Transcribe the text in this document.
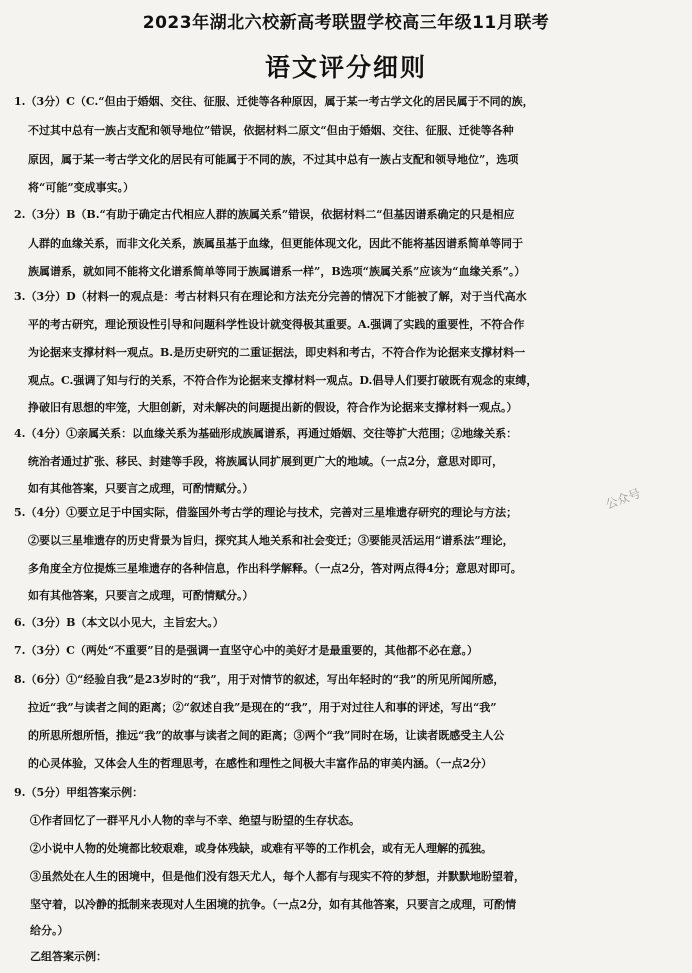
2023年湖北六校新高考联盟学校高三年级11月联考
语文评分细则
1.（3分）C（C.“但由于婚姻、交往、征服、迁徙等各种原因，属于某一考古学文化的居民属于不同的族，
不过其中总有一族占支配和领导地位”错误，依据材料二原文“但由于婚姻、交往、征服、迁徙等各种
原因，属于某一考古学文化的居民有可能属于不同的族，不过其中总有一族占支配和领导地位”，选项
将“可能”变成事实。）
2.（3分）B（B.“有助于确定古代相应人群的族属关系”错误，依据材料二“但基因谱系确定的只是相应
人群的血缘关系，而非文化关系，族属虽基于血缘，但更能体现文化，因此不能将基因谱系简单等同于
族属谱系，就如同不能将文化谱系简单等同于族属谱系一样”，B选项“族属关系”应该为“血缘关系”。）
3.（3分）D（材料一的观点是：考古材料只有在理论和方法充分完善的情况下才能被了解，对于当代高水
平的考古研究，理论预设性引导和问题科学性设计就变得极其重要。A.强调了实践的重要性，不符合作
为论据来支撑材料一观点。B.是历史研究的二重证据法，即史料和考古，不符合作为论据来支撑材料一
观点。C.强调了知与行的关系，不符合作为论据来支撑材料一观点。D.倡导人们要打破既有观念的束缚，
挣破旧有思想的牢笼，大胆创新，对未解决的问题提出新的假设，符合作为论据来支撑材料一观点。）
4.（4分）①亲属关系：以血缘关系为基础形成族属谱系，再通过婚姻、交往等扩大范围；②地缘关系：
统治者通过扩张、移民、封建等手段，将族属认同扩展到更广大的地域。（一点2分，意思对即可，
如有其他答案，只要言之成理，可酌情赋分。）
5.（4分）①要立足于中国实际，借鉴国外考古学的理论与技术，完善对三星堆遗存研究的理论与方法；
②要以三星堆遗存的历史背景为旨归，探究其人地关系和社会变迁；③要能灵活运用“谱系法”理论，
多角度全方位提炼三星堆遗存的各种信息，作出科学解释。（一点2分，答对两点得4分；意思对即可。
如有其他答案，只要言之成理，可酌情赋分。）
6.（3分）B（本文以小见大，主旨宏大。）
7.（3分）C（两处“不重要”目的是强调一直坚守心中的美好才是最重要的，其他都不必在意。）
8.（6分）①“经验自我”是23岁时的“我”，用于对情节的叙述，写出年轻时的“我”的所见所闻所感，
拉近“我”与读者之间的距离；②“叙述自我”是现在的“我”，用于对过往人和事的评述，写出“我”
的所思所想所悟，推远“我”的故事与读者之间的距离；③两个“我”同时在场，让读者既感受主人公
的心灵体验，又体会人生的哲理思考，在感性和理性之间极大丰富作品的审美内涵。（一点2分）
9.（5分）甲组答案示例：
①作者回忆了一群平凡小人物的幸与不幸、绝望与盼望的生存状态。
②小说中人物的处境都比较艰难，或身体残缺，或难有平等的工作机会，或有无人理解的孤独。
③虽然处在人生的困境中，但是他们没有怨天尤人，每个人都有与现实不符的梦想，并默默地盼望着，
坚守着，以冷静的抵制来表现对人生困境的抗争。（一点2分，如有其他答案，只要言之成理，可酌情
给分。）
乙组答案示例：
公众号
